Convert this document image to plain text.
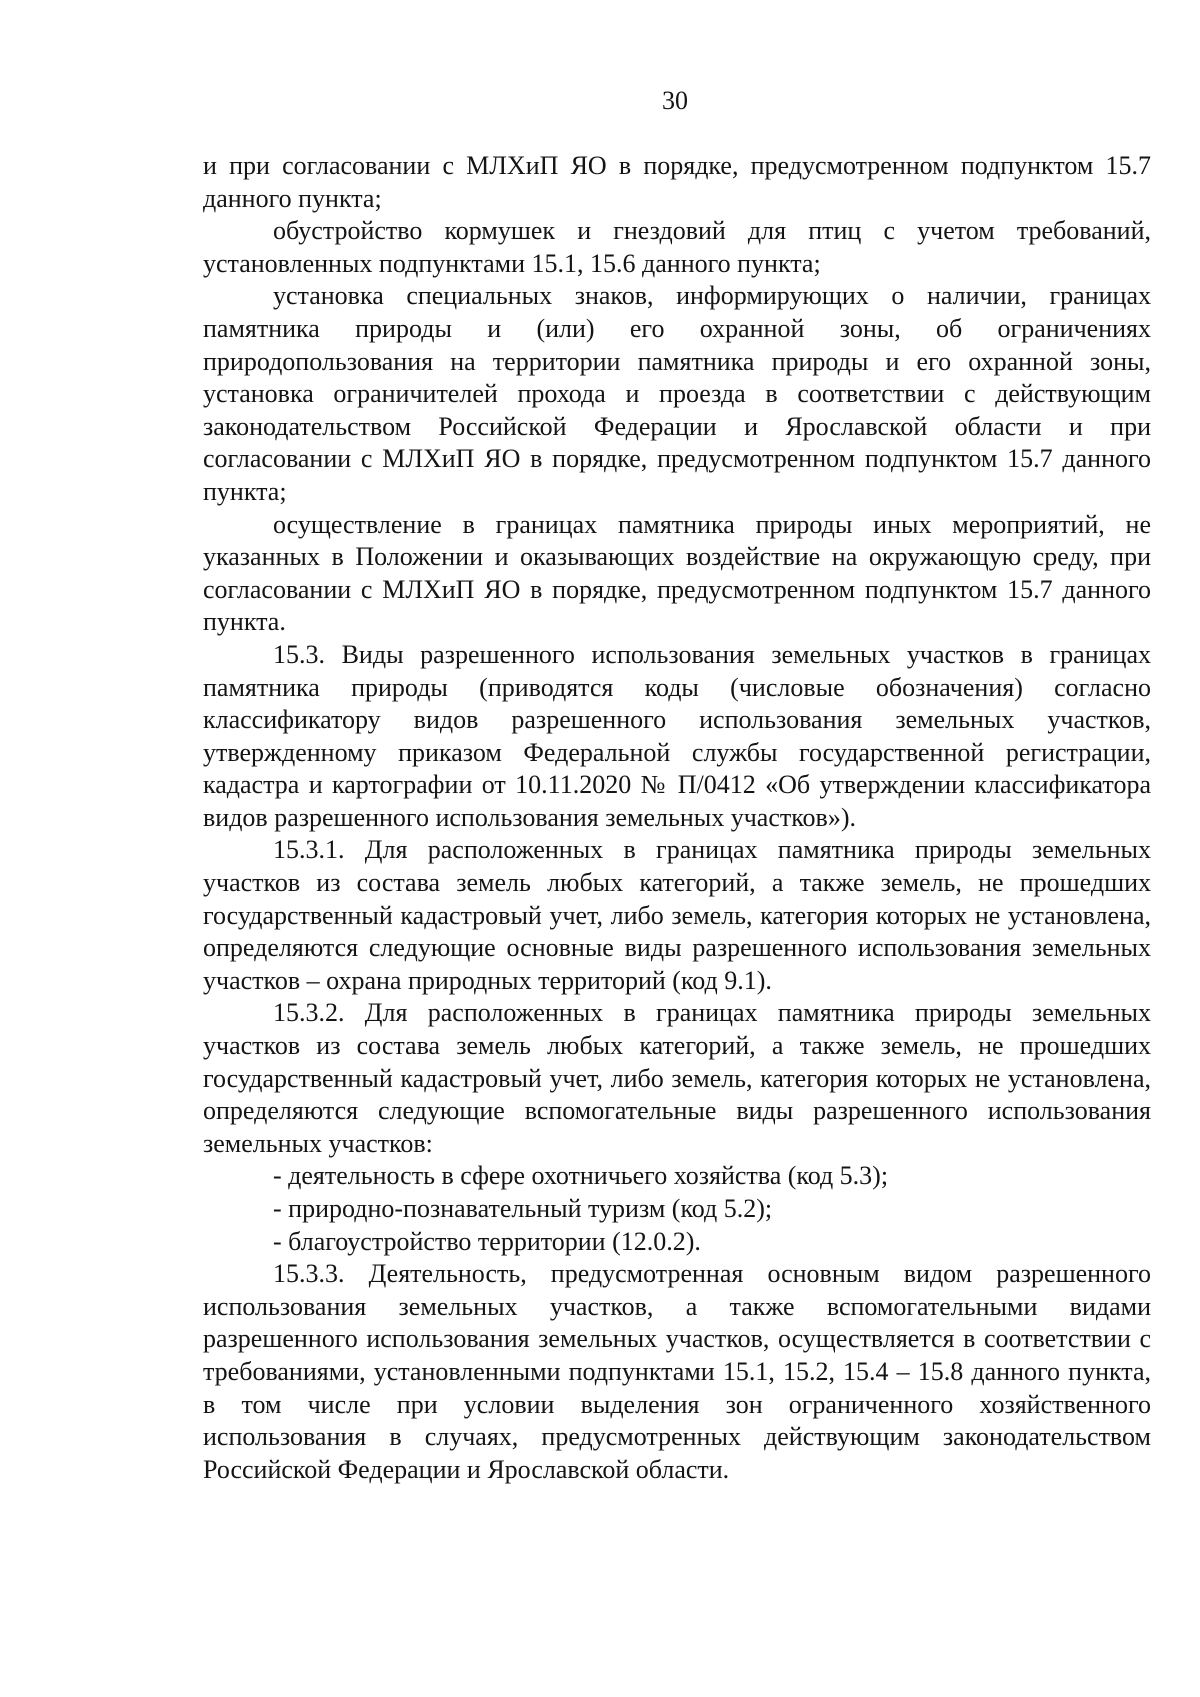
30

и при согласовании с МЛХиП ЯО в порядке, предусмотренном подпунктом 15.7 данного пункта;

обустройство кормушек и гнездовий для птиц с учетом требований, установленных подпунктами 15.1, 15.6 данного пункта;

установка специальных знаков, информирующих о наличии, границах памятника природы и (или) его охранной зоны, об ограничениях природопользования на территории памятника природы и его охранной зоны, установка ограничителей прохода и проезда в соответствии с действующим законодательством Российской Федерации и Ярославской области и при согласовании с МЛХиП ЯО в порядке, предусмотренном подпунктом 15.7 данного пункта;

осуществление в границах памятника природы иных мероприятий, не указанных в Положении и оказывающих воздействие на окружающую среду, при согласовании с МЛХиП ЯО в порядке, предусмотренном подпунктом 15.7 данного пункта.

15.3. Виды разрешенного использования земельных участков в границах памятника природы (приводятся коды (числовые обозначения) согласно классификатору видов разрешенного использования земельных участков, утвержденному приказом Федеральной службы государственной регистрации, кадастра и картографии от 10.11.2020 № П/0412 «Об утверждении классификатора видов разрешенного использования земельных участков»).

15.3.1. Для расположенных в границах памятника природы земельных участков из состава земель любых категорий, а также земель, не прошедших государственный кадастровый учет, либо земель, категория которых не установлена, определяются следующие основные виды разрешенного использования земельных участков – охрана природных территорий (код 9.1).

15.3.2. Для расположенных в границах памятника природы земельных участков из состава земель любых категорий, а также земель, не прошедших государственный кадастровый учет, либо земель, категория которых не установлена, определяются следующие вспомогательные виды разрешенного использования земельных участков:

- деятельность в сфере охотничьего хозяйства (код 5.3);

- природно-познавательный туризм (код 5.2);

- благоустройство территории (12.0.2).

15.3.3. Деятельность, предусмотренная основным видом разрешенного использования земельных участков, а также вспомогательными видами разрешенного использования земельных участков, осуществляется в соответствии с требованиями, установленными подпунктами 15.1, 15.2, 15.4 – 15.8 данного пункта, в том числе при условии выделения зон ограниченного хозяйственного использования в случаях, предусмотренных действующим законодательством Российской Федерации и Ярославской области.
